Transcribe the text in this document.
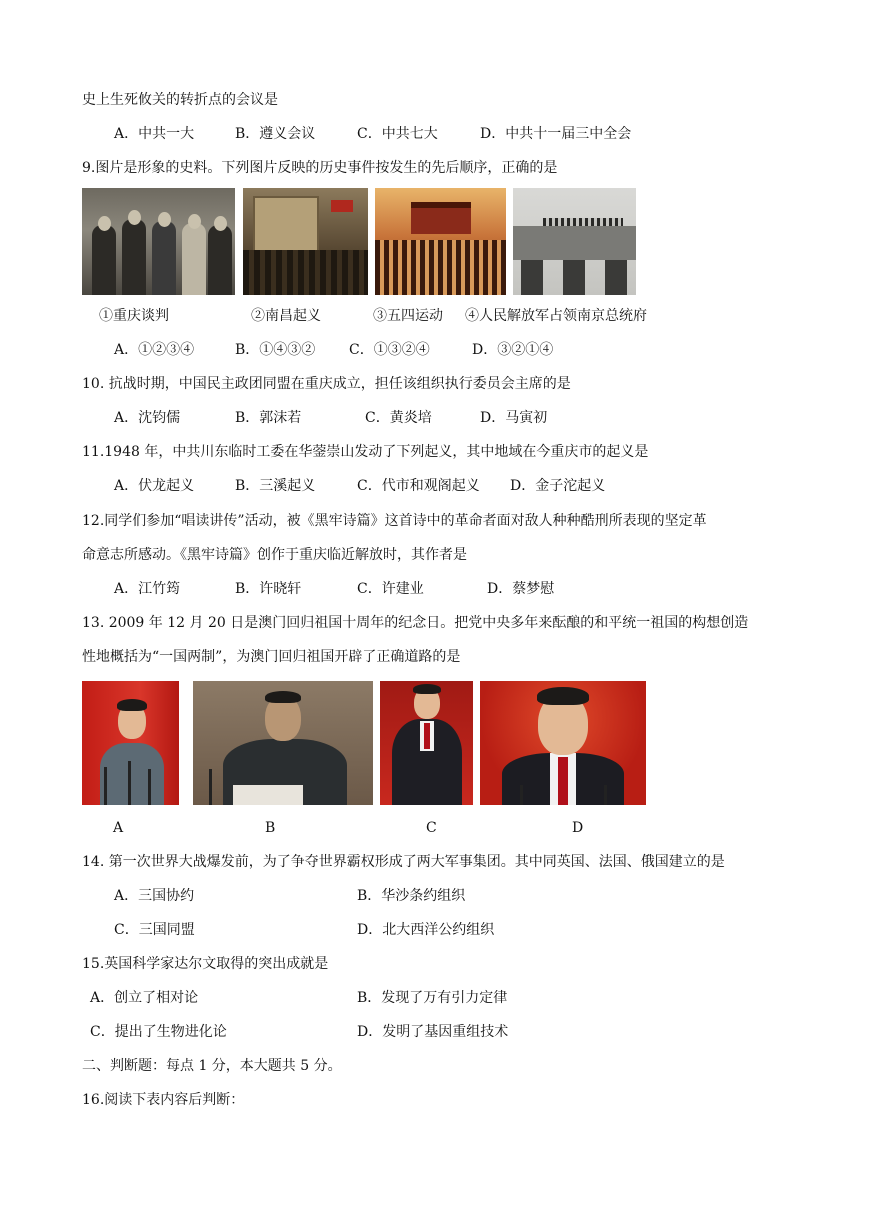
史上生死攸关的转折点的会议是
A．中共一大	B．遵义会议	C．中共七大	D．中共十一届三中全会
9.图片是形象的史料。下列图片反映的历史事件按发生的先后顺序，正确的是
①重庆谈判	②南昌起义	③五四运动 ④人民解放军占领南京总统府
A．①②③④	B．①④③② C．①③②④	D．③②①④
10. 抗战时期，中国民主政团同盟在重庆成立，担任该组织执行委员会主席的是
A．沈钧儒	B．郭沫若	C．黄炎培	D．马寅初
11.1948 年，中共川东临时工委在华蓥崇山发动了下列起义，其中地域在今重庆市的起义是
A．伏龙起义	B．三溪起义	C．代市和观阁起义 D．金子沱起义
12.同学们参加“唱读讲传”活动，被《黑牢诗篇》这首诗中的革命者面对敌人种种酷刑所表现的坚定革
命意志所感动。《黑牢诗篇》创作于重庆临近解放时，其作者是
A．江竹筠	B．许晓轩	C．许建业	D．蔡梦慰
13. 2009 年 12 月 20 日是澳门回归祖国十周年的纪念日。把党中央多年来酝酿的和平统一祖国的构想创造
性地概括为“一国两制”，为澳门回归祖国开辟了正确道路的是
A	B	C	D
14. 第一次世界大战爆发前，为了争夺世界霸权形成了两大军事集团。其中同英国、法国、俄国建立的是
A．三国协约	B．华沙条约组织
C．三国同盟	D．北大西洋公约组织
15.英国科学家达尔文取得的突出成就是
A．创立了相对论	B．发现了万有引力定律
C．提出了生物进化论	D．发明了基因重组技术
二、判断题：每点 1 分，本大题共 5 分。
16.阅读下表内容后判断：
